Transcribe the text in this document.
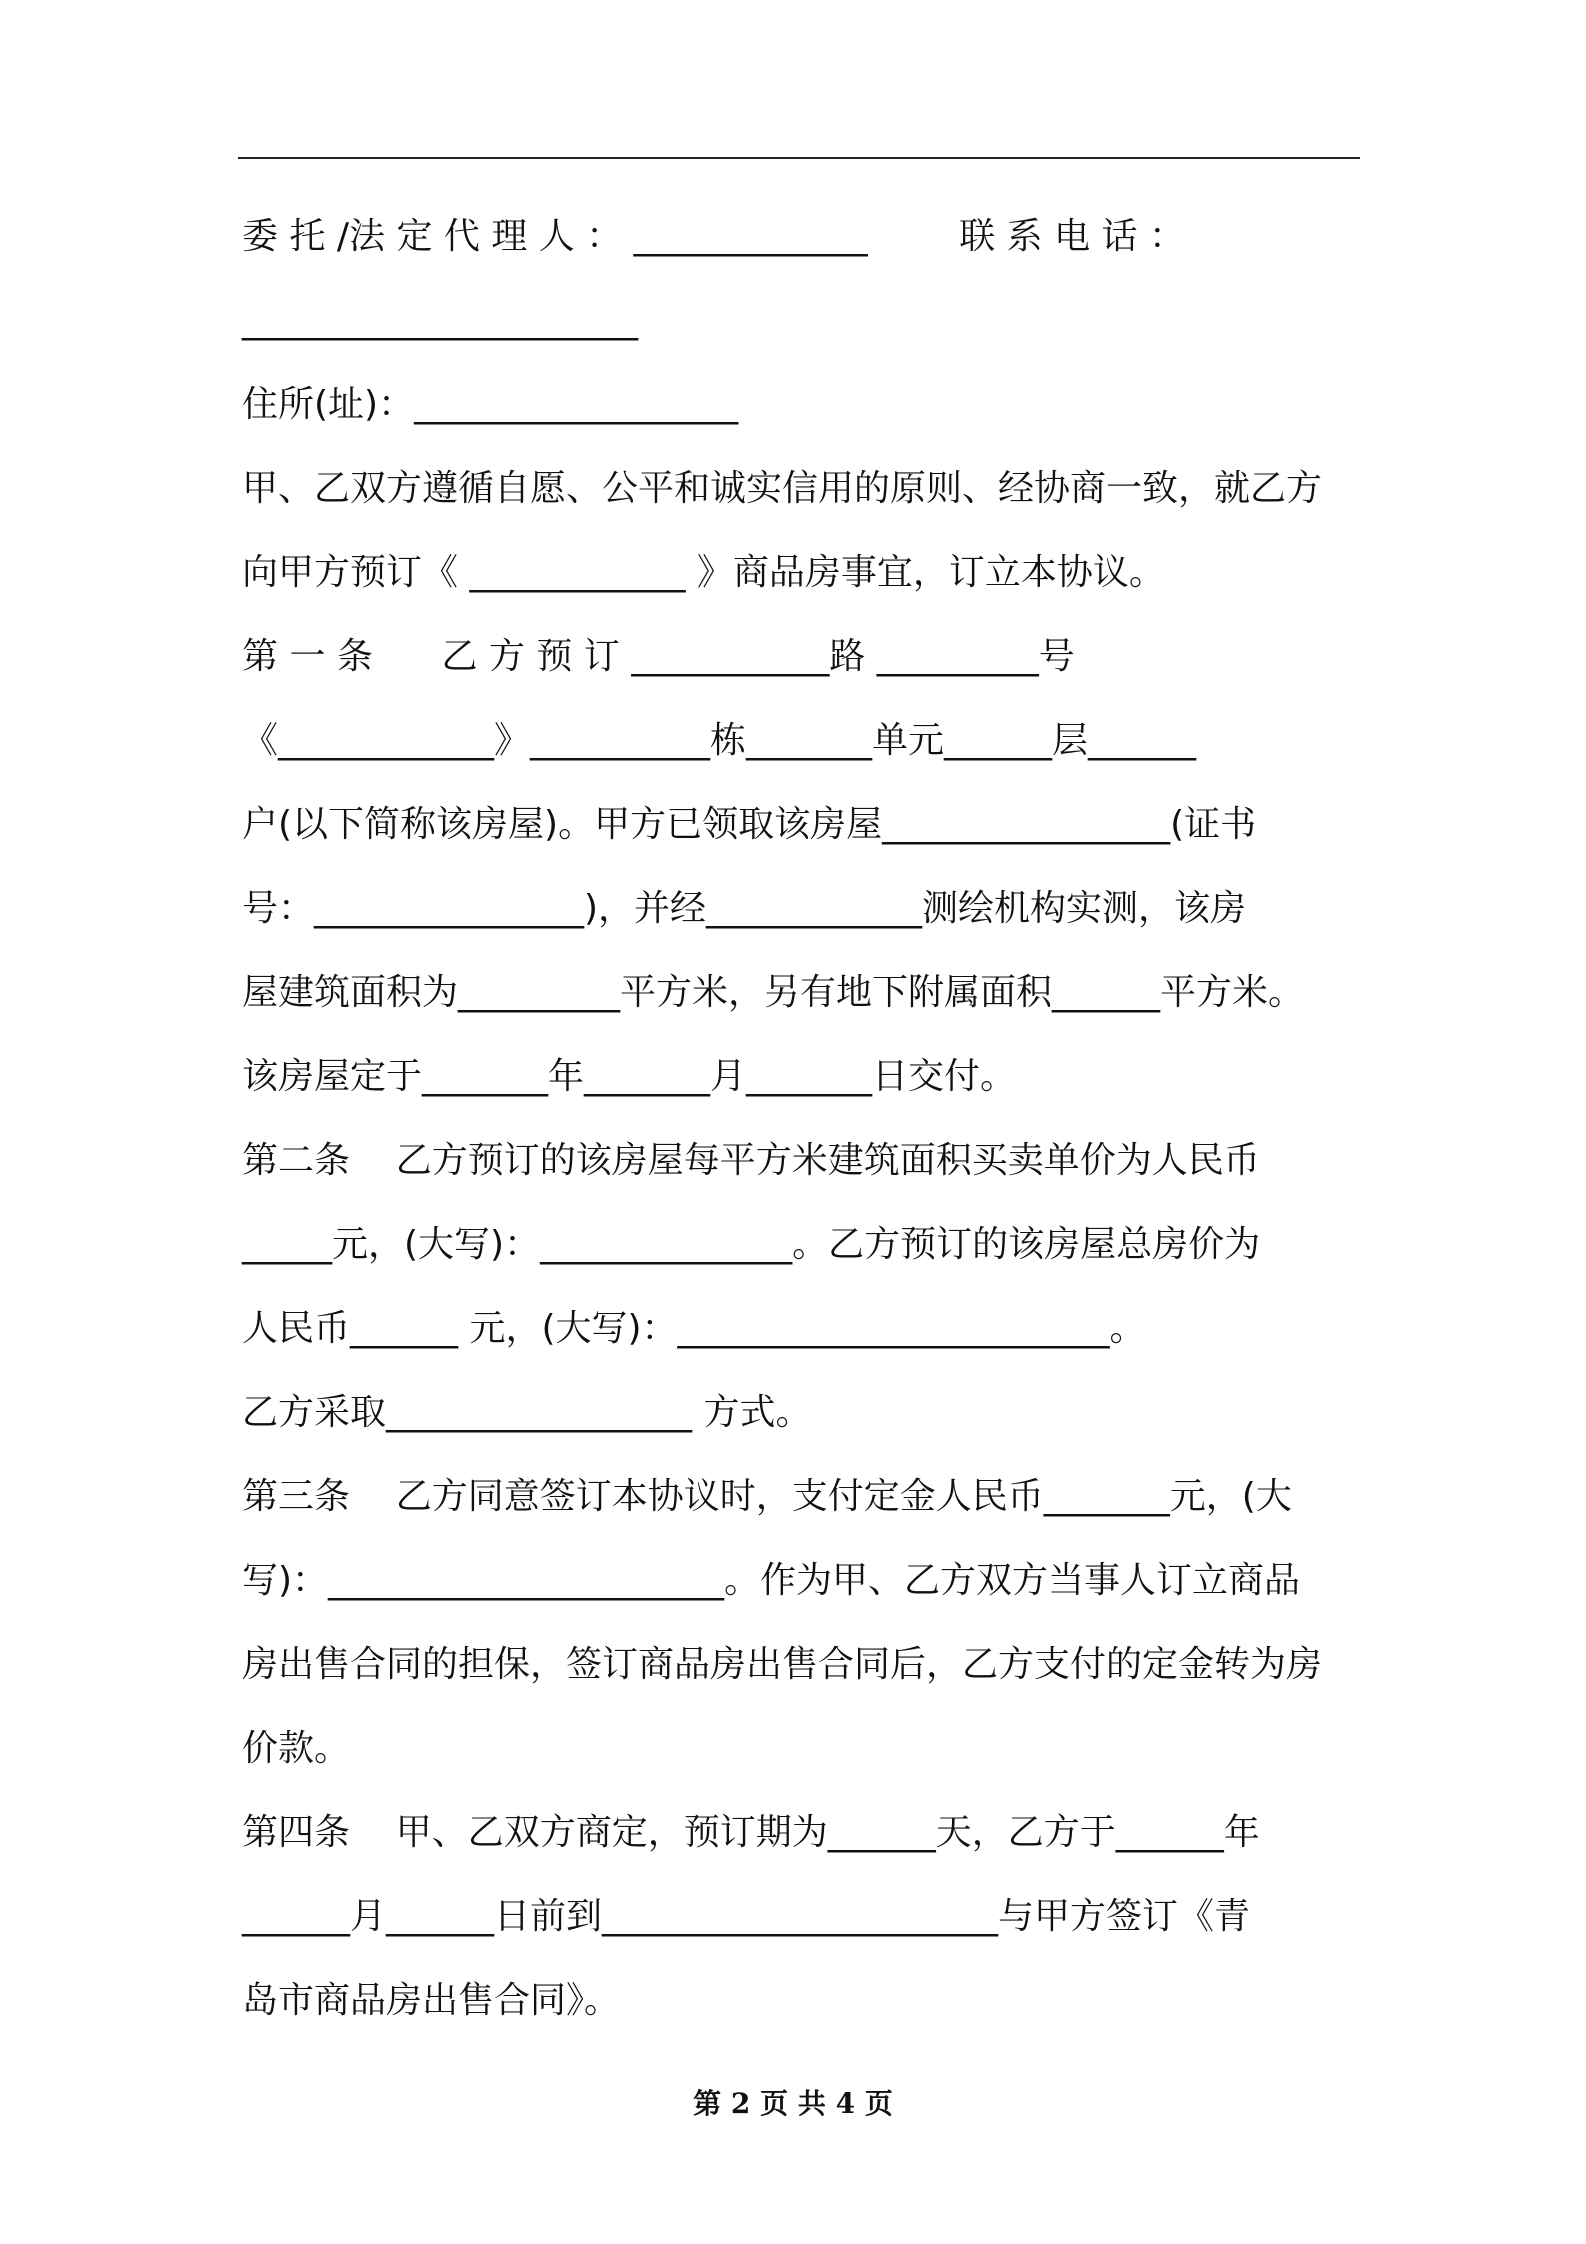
委 托 /法 定 代 理 人 ： _____________        联 系 电 话 ：
______________________
住所(址)：__________________
甲、乙双方遵循自愿、公平和诚实信用的原则、经协商一致，就乙方
向甲方预订《 ____________ 》商品房事宜，订立本协议。
第 一 条      乙 方 预 订 ___________路 _________号
《____________》__________栋_______单元______层______
户(以下简称该房屋)。甲方已领取该房屋________________(证书
号：_______________)，并经____________测绘机构实测，该房
屋建筑面积为_________平方米，另有地下附属面积______平方米。
该房屋定于_______年_______月_______日交付。
第二条    乙方预订的该房屋每平方米建筑面积买卖单价为人民币
_____元，(大写)：______________。乙方预订的该房屋总房价为
人民币______ 元，(大写)：________________________。
乙方采取_________________ 方式。
第三条    乙方同意签订本协议时，支付定金人民币_______元，(大
写)：______________________。作为甲、乙方双方当事人订立商品
房出售合同的担保，签订商品房出售合同后，乙方支付的定金转为房
价款。
第四条    甲、乙双方商定，预订期为______天，乙方于______年
______月______日前到______________________与甲方签订《青
岛市商品房出售合同》。
第 2 页 共 4 页
